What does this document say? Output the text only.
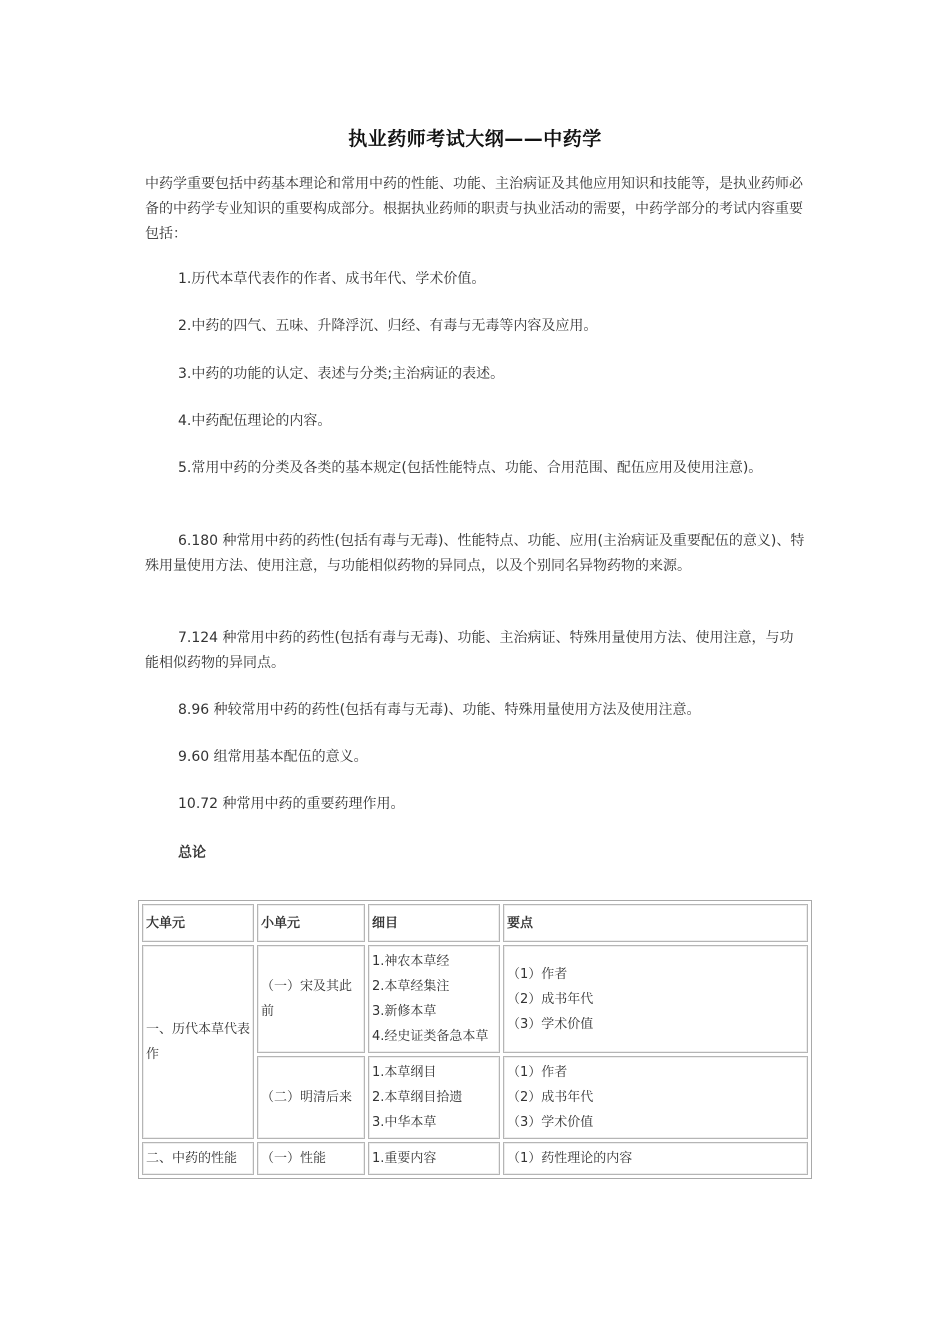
执业药师考试大纲——中药学
中药学重要包括中药基本理论和常用中药的性能、功能、主治病证及其他应用知识和技能等，是执业药师必备的中药学专业知识的重要构成部分。根据执业药师的职责与执业活动的需要，中药学部分的考试内容重要包括：
1.历代本草代表作的作者、成书年代、学术价值。
2.中药的四气、五味、升降浮沉、归经、有毒与无毒等内容及应用。
3.中药的功能的认定、表述与分类;主治病证的表述。
4.中药配伍理论的内容。
5.常用中药的分类及各类的基本规定(包括性能特点、功能、合用范围、配伍应用及使用注意)。
6.180 种常用中药的药性(包括有毒与无毒)、性能特点、功能、应用(主治病证及重要配伍的意义)、特殊用量使用方法、使用注意，与功能相似药物的异同点，以及个别同名异物药物的来源。
7.124 种常用中药的药性(包括有毒与无毒)、功能、主治病证、特殊用量使用方法、使用注意，与功能相似药物的异同点。
8.96 种较常用中药的药性(包括有毒与无毒)、功能、特殊用量使用方法及使用注意。
9.60 组常用基本配伍的意义。
10.72 种常用中药的重要药理作用。
总论
大单元	小单元	细目	要点
一、历代本草代表作	（一）宋及其此前	1.神农本草经
2.本草经集注
3.新修本草
4.经史证类备急本草	（1）作者
（2）成书年代
（3）学术价值

	（二）明清后来	1.本草纲目
2.本草纲目拾遗
3.中华本草	（1）作者
（2）成书年代
（3）学术价值

二、中药的性能	（一）性能	1.重要内容	（1）药性理论的内容
